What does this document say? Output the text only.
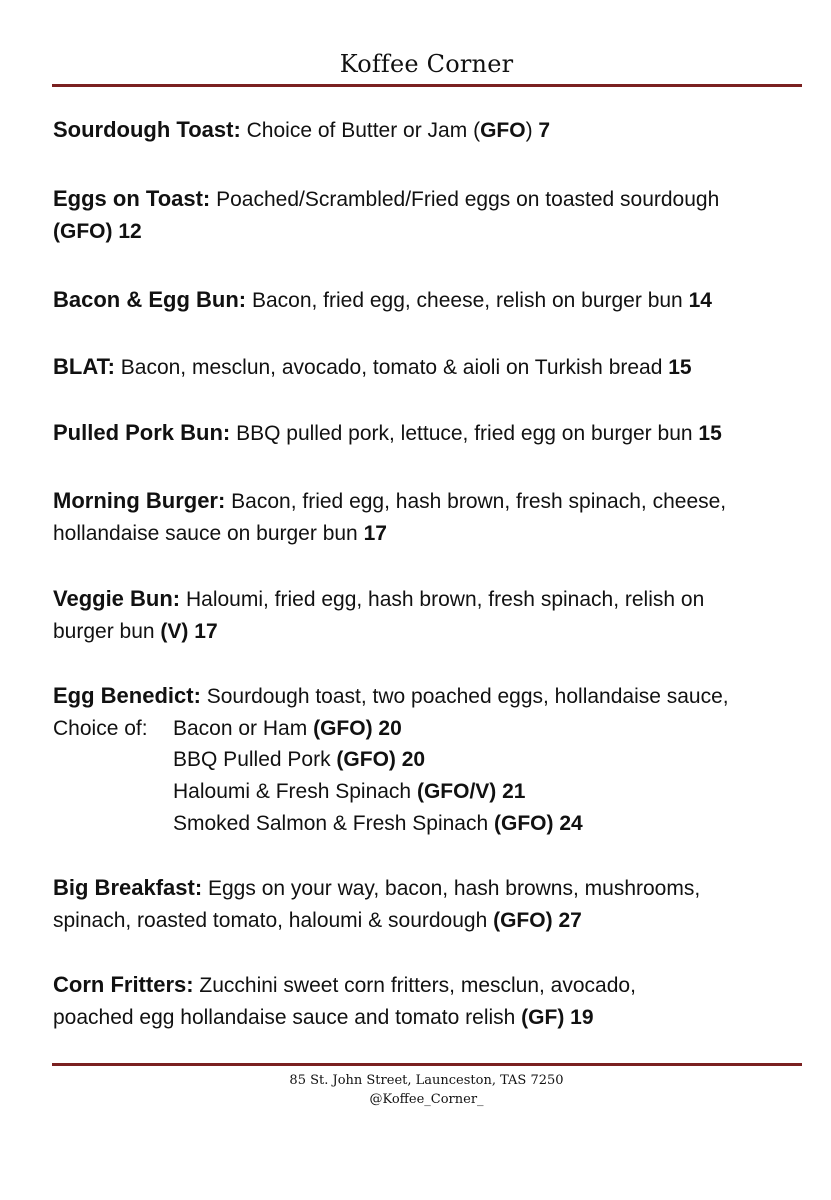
Koffee Corner
Sourdough Toast: Choice of Butter or Jam (GFO) 7
Eggs on Toast: Poached/Scrambled/Fried eggs on toasted sourdough
(GFO) 12
Bacon & Egg Bun: Bacon, fried egg, cheese, relish on burger bun 14
BLAT: Bacon, mesclun, avocado, tomato & aioli on Turkish bread 15
Pulled Pork Bun: BBQ pulled pork, lettuce, fried egg on burger bun 15
Morning Burger: Bacon, fried egg, hash brown, fresh spinach, cheese,
hollandaise sauce on burger bun 17
Veggie Bun: Haloumi, fried egg, hash brown, fresh spinach, relish on
burger bun (V) 17
Egg Benedict: Sourdough toast, two poached eggs, hollandaise sauce,
Choice of: Bacon or Ham (GFO) 20
BBQ Pulled Pork (GFO) 20
Haloumi & Fresh Spinach (GFO/V) 21
Smoked Salmon & Fresh Spinach (GFO) 24
Big Breakfast: Eggs on your way, bacon, hash browns, mushrooms,
spinach, roasted tomato, haloumi & sourdough (GFO) 27
Corn Fritters: Zucchini sweet corn fritters, mesclun, avocado,
poached egg hollandaise sauce and tomato relish (GF) 19
85 St. John Street, Launceston, TAS 7250
@Koffee_Corner_
